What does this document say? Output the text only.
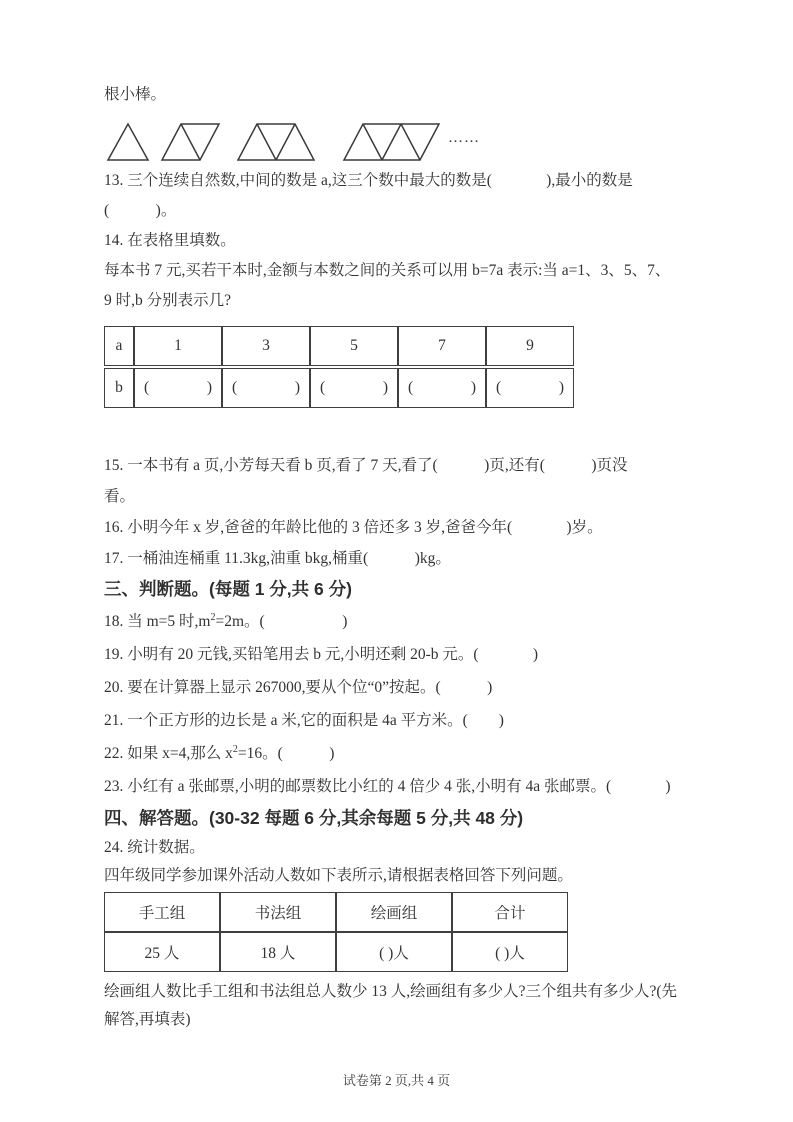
根小棒。

……

13. 三个连续自然数,中间的数是 a,这三个数中最大的数是(              ),最小的数是

(            )。

14. 在表格里填数。

每本书 7 元,买若干本时,金额与本数之间的关系可以用 b=7a 表示:当 a=1、3、5、7、

9 时,b 分别表示几?

a	1	3	5	7	9
b	( )	( )	( )	( )	( )

15. 一本书有 a 页,小芳每天看 b 页,看了 7 天,看了(            )页,还有(            )页没

看。

16. 小明今年 x 岁,爸爸的年龄比他的 3 倍还多 3 岁,爸爸今年(              )岁。

17. 一桶油连桶重 11.3kg,油重 bkg,桶重(            )kg。

三、判断题。(每题 1 分,共 6 分)

18. 当 m=5 时$,m^2=2m$。(                    )

19. 小明有 20 元钱,买铅笔用去 b 元,小明还剩 20-b 元。(              )

20. 要在计算器上显示 267000,要从个位“0”按起。(            )

21. 一个正方形的边长是 a 米,它的面积是 4a 平方米。(        )

22. 如果 x=4,那么 $x^2=16$。(            )

23. 小红有 a 张邮票,小明的邮票数比小红的 4 倍少 4 张,小明有 4a 张邮票。(              )

四、解答题。(30-32 每题 6 分,其余每题 5 分,共 48 分)

24. 统计数据。

四年级同学参加课外活动人数如下表所示,请根据表格回答下列问题。

手工组	书法组	绘画组	合计
25 人	18 人	( )人	( )人

绘画组人数比手工组和书法组总人数少 13 人,绘画组有多少人?三个组共有多少人?(先

解答,再填表)

试卷第 2 页,共 4 页
